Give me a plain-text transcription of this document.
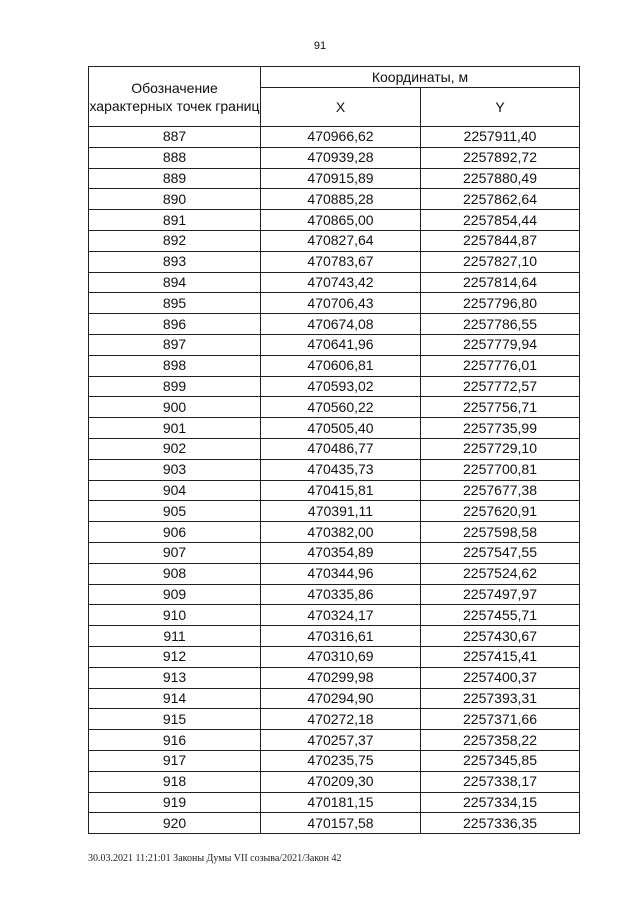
91
Обозначение характерных точек границ	Координаты, м	
	X	Y
887	470966,62	2257911,40
888	470939,28	2257892,72
889	470915,89	2257880,49
890	470885,28	2257862,64
891	470865,00	2257854,44
892	470827,64	2257844,87
893	470783,67	2257827,10
894	470743,42	2257814,64
895	470706,43	2257796,80
896	470674,08	2257786,55
897	470641,96	2257779,94
898	470606,81	2257776,01
899	470593,02	2257772,57
900	470560,22	2257756,71
901	470505,40	2257735,99
902	470486,77	2257729,10
903	470435,73	2257700,81
904	470415,81	2257677,38
905	470391,11	2257620,91
906	470382,00	2257598,58
907	470354,89	2257547,55
908	470344,96	2257524,62
909	470335,86	2257497,97
910	470324,17	2257455,71
911	470316,61	2257430,67
912	470310,69	2257415,41
913	470299,98	2257400,37
914	470294,90	2257393,31
915	470272,18	2257371,66
916	470257,37	2257358,22
917	470235,75	2257345,85
918	470209,30	2257338,17
919	470181,15	2257334,15
920	470157,58	2257336,35
30.03.2021 11:21:01 Законы Думы VII созыва/2021/Закон 42
